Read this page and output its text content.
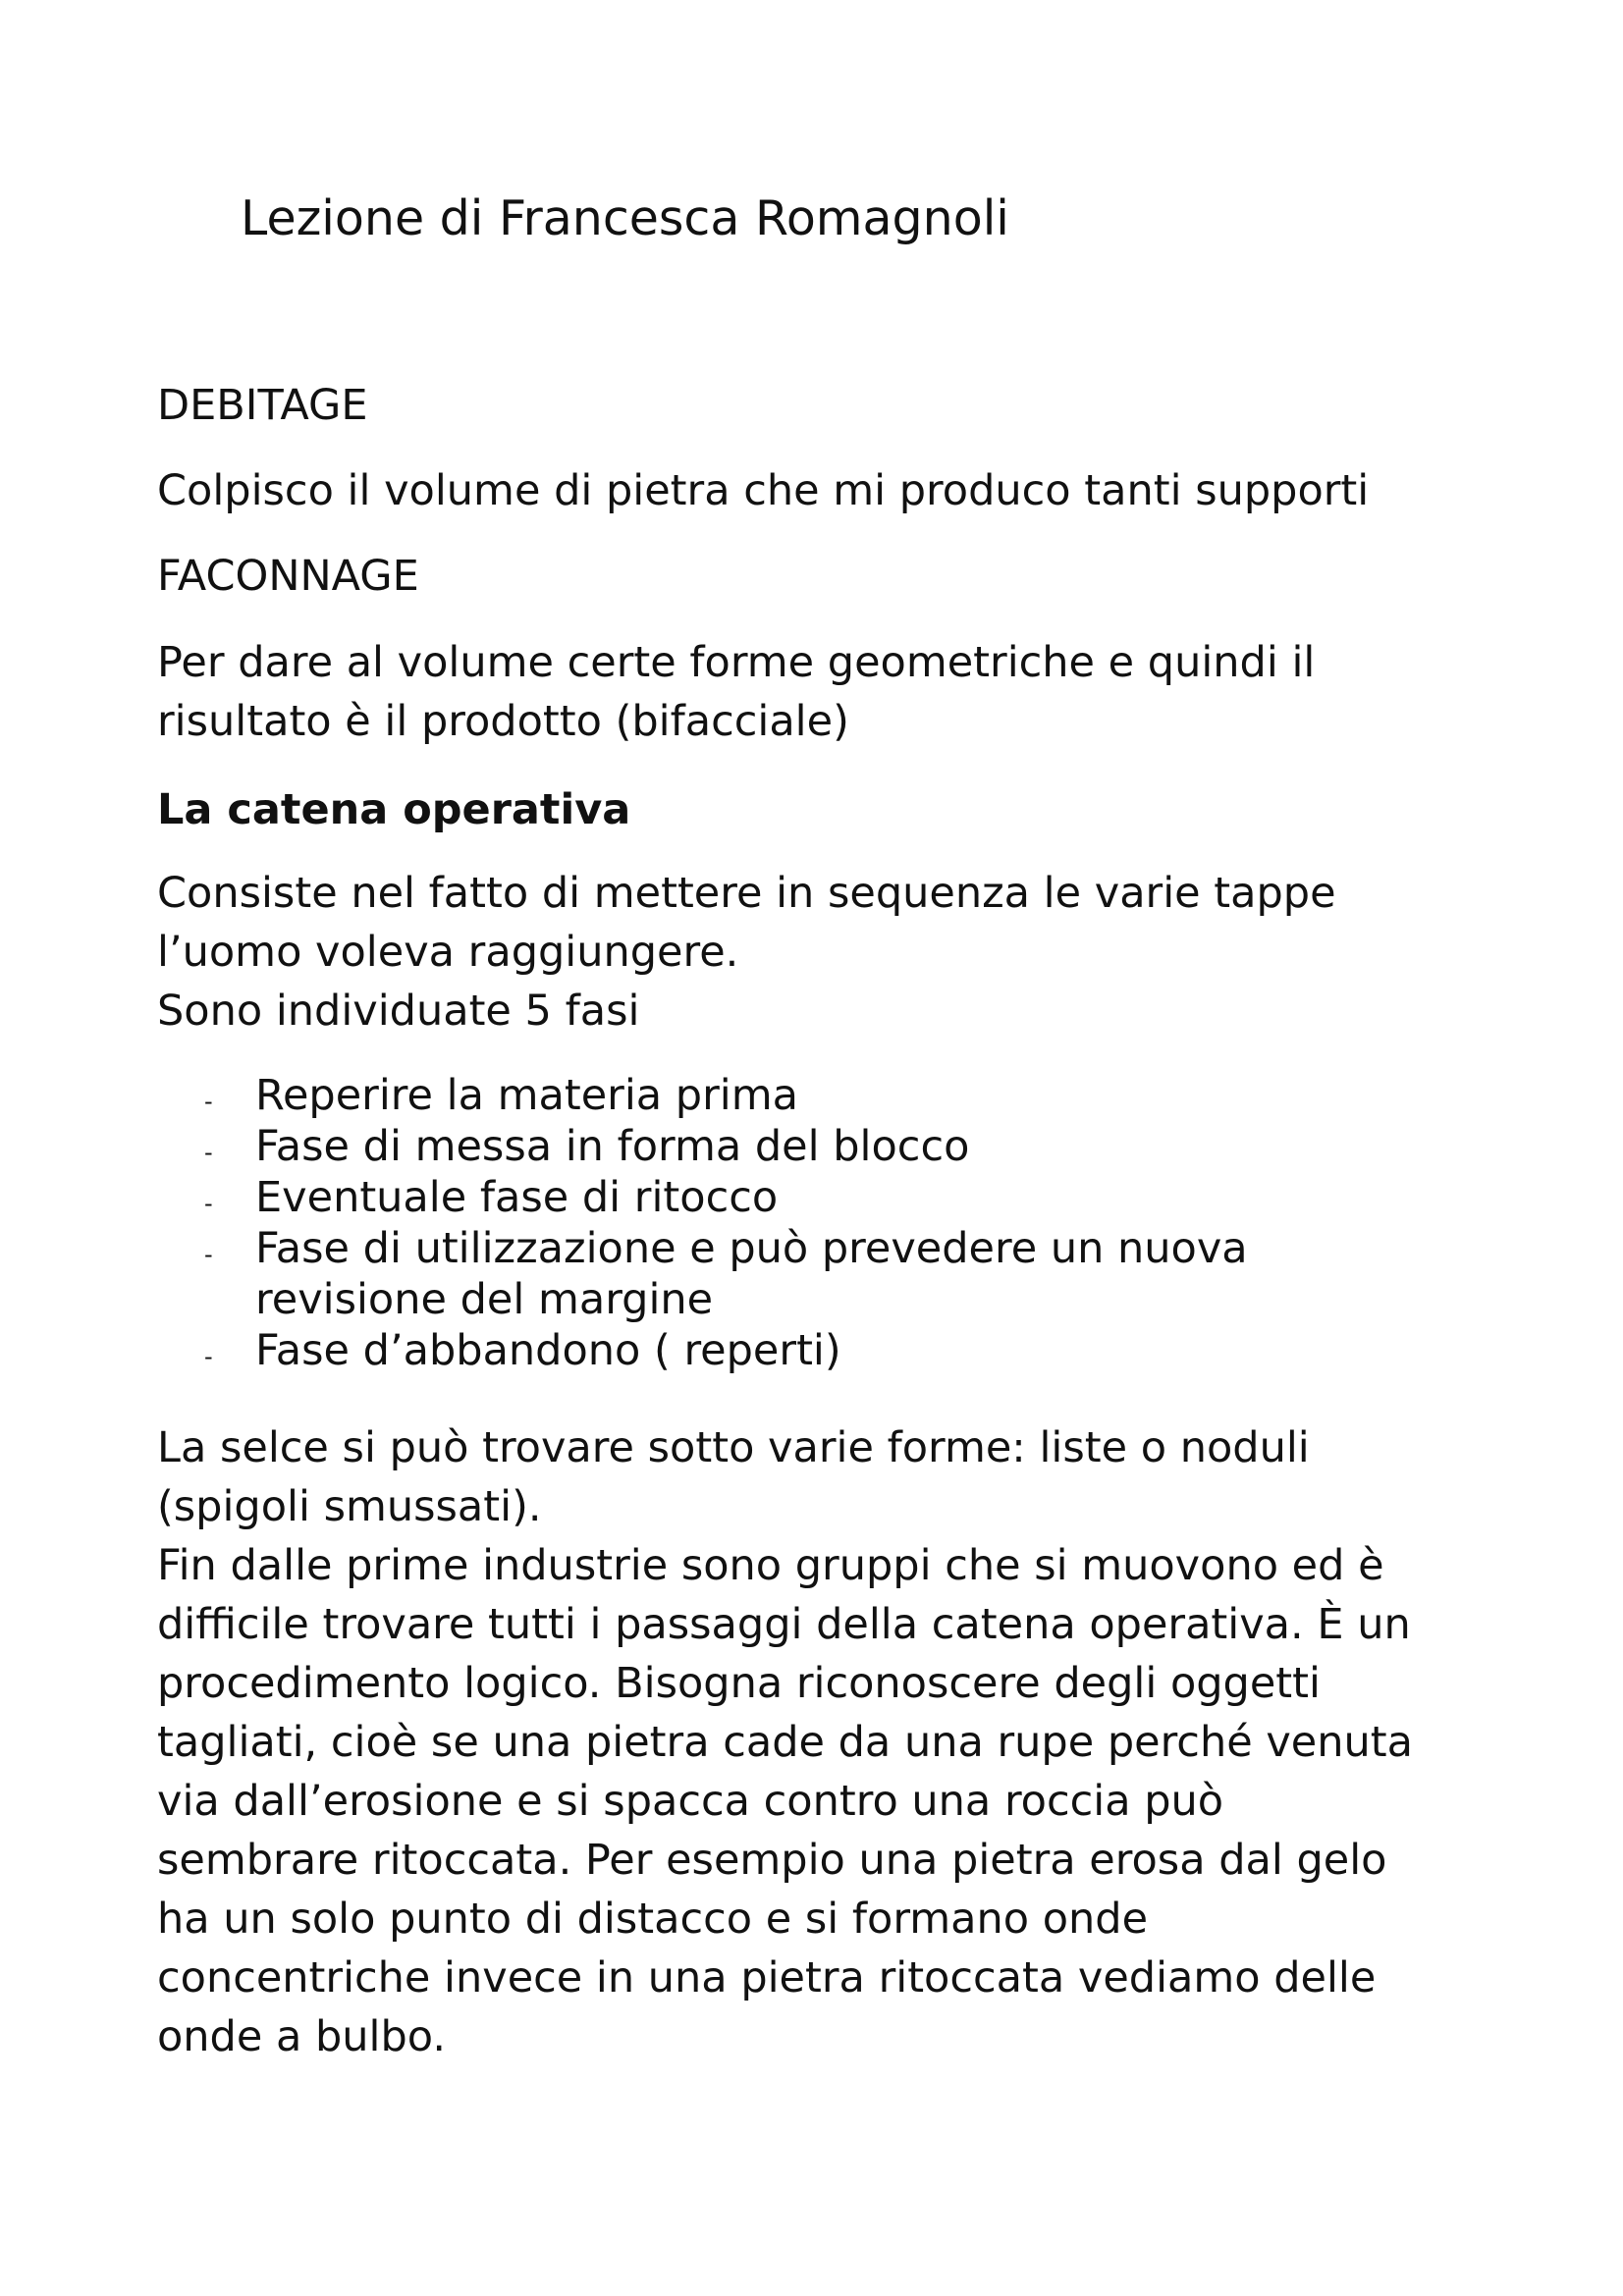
Lezione di Francesca Romagnoli

DEBITAGE

Colpisco il volume di pietra che mi produco tanti supporti

FACONNAGE

Per dare al volume certe forme geometriche e quindi il
risultato è il prodotto (bifacciale)

La catena operativa

Consiste nel fatto di mettere in sequenza le varie tappe
l’uomo voleva raggiungere.
Sono individuate 5 fasi

- Reperire la materia prima
- Fase di messa in forma del blocco
- Eventuale fase di ritocco
- Fase di utilizzazione e può prevedere un nuova
revisione del margine
- Fase d’abbandono ( reperti)

La selce si può trovare sotto varie forme: liste o noduli
(spigoli smussati).
Fin dalle prime industrie sono gruppi che si muovono ed è
difficile trovare tutti i passaggi della catena operativa. È un
procedimento logico. Bisogna riconoscere degli oggetti
tagliati, cioè se una pietra cade da una rupe perché venuta
via dall’erosione e si spacca contro una roccia può
sembrare ritoccata. Per esempio una pietra erosa dal gelo
ha un solo punto di distacco e si formano onde
concentriche invece in una pietra ritoccata vediamo delle
onde a bulbo.
